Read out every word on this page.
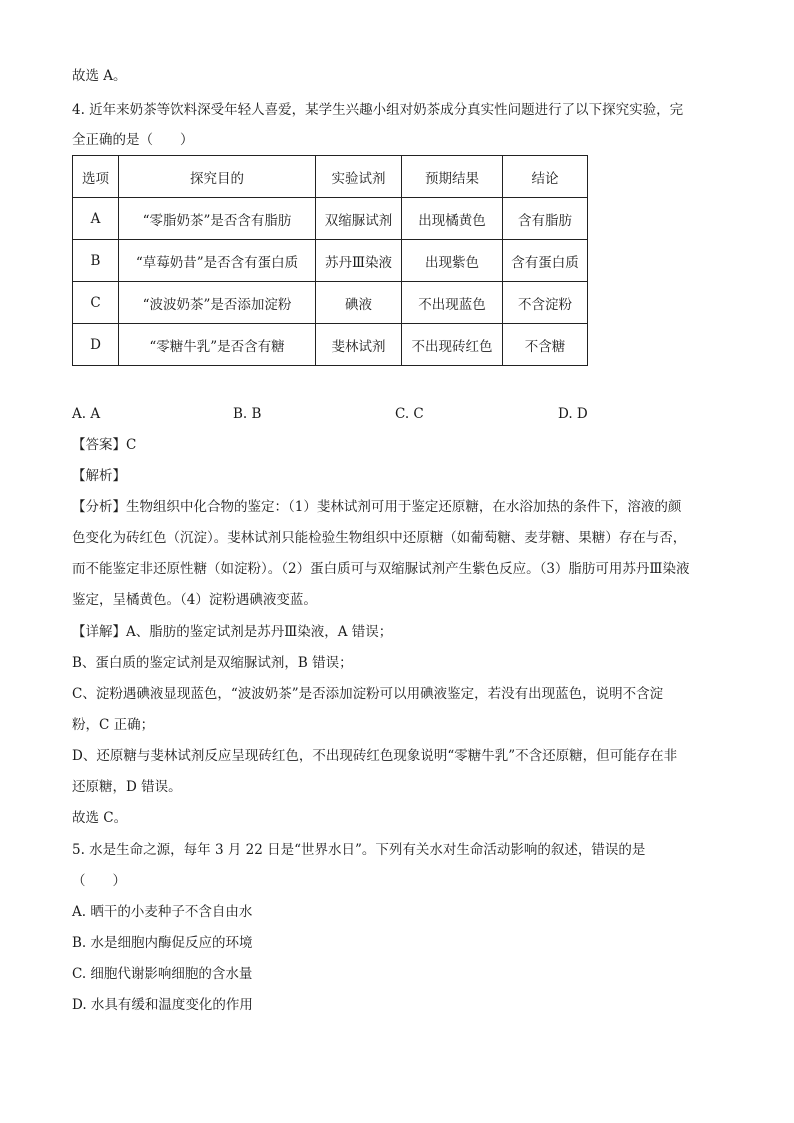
故选 A。
4. 近年来奶茶等饮料深受年轻人喜爱，某学生兴趣小组对奶茶成分真实性问题进行了以下探究实验，完
全正确的是（　　）
选项	探究目的	实验试剂	预期结果	结论
A	“零脂奶茶”是否含有脂肪	双缩脲试剂	出现橘黄色	含有脂肪
B	“草莓奶昔”是否含有蛋白质	苏丹Ⅲ染液	出现紫色	含有蛋白质
C	“波波奶茶”是否添加淀粉	碘液	不出现蓝色	不含淀粉
D	“零糖牛乳”是否含有糖	斐林试剂	不出现砖红色	不含糖
A. A	B. B	C. C	D. D
【答案】C
【解析】
【分析】生物组织中化合物的鉴定：（1）斐林试剂可用于鉴定还原糖，在水浴加热的条件下，溶液的颜
色变化为砖红色（沉淀）。斐林试剂只能检验生物组织中还原糖（如葡萄糖、麦芽糖、果糖）存在与否，
而不能鉴定非还原性糖（如淀粉）。（2）蛋白质可与双缩脲试剂产生紫色反应。（3）脂肪可用苏丹Ⅲ染液
鉴定，呈橘黄色。（4）淀粉遇碘液变蓝。
【详解】A、脂肪的鉴定试剂是苏丹Ⅲ染液，A 错误；
B、蛋白质的鉴定试剂是双缩脲试剂，B 错误；
C、淀粉遇碘液显现蓝色，“波波奶茶”是否添加淀粉可以用碘液鉴定，若没有出现蓝色，说明不含淀
粉，C 正确；
D、还原糖与斐林试剂反应呈现砖红色，不出现砖红色现象说明“零糖牛乳”不含还原糖，但可能存在非
还原糖，D 错误。
故选 C。
5. 水是生命之源，每年 3 月 22 日是“世界水日”。下列有关水对生命活动影响的叙述，错误的是
（　　）
A. 晒干的小麦种子不含自由水
B. 水是细胞内酶促反应的环境
C. 细胞代谢影响细胞的含水量
D. 水具有缓和温度变化的作用
